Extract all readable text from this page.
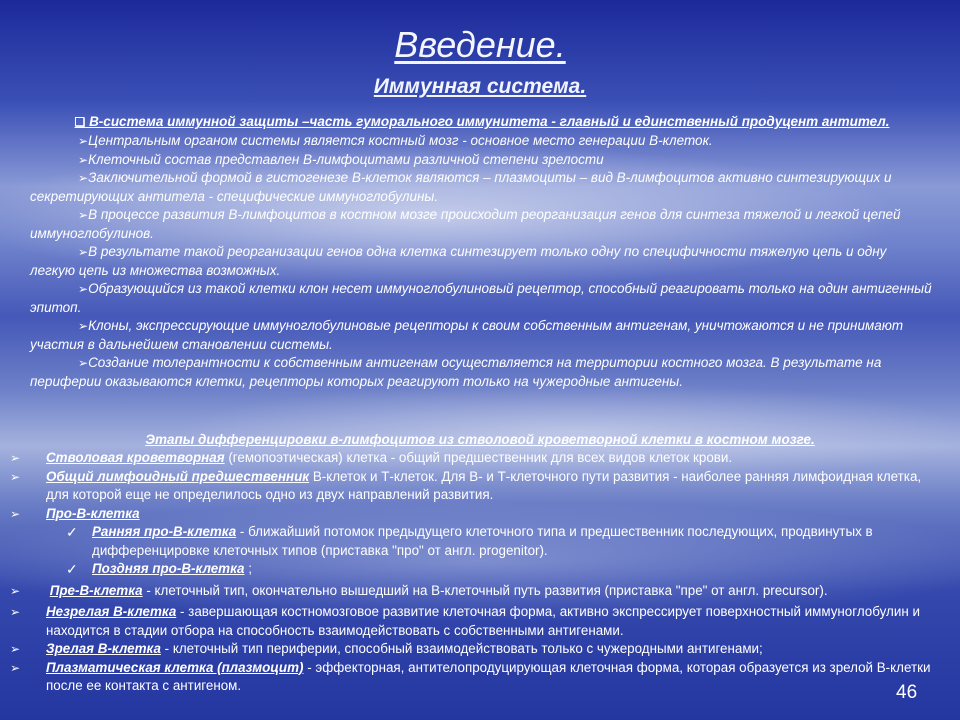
Введение.
Иммунная система.
❑ В-система иммунной защиты –часть гуморального иммунитета - главный и единственный продуцент антител.
➢Центральным органом системы является костный мозг - основное место генерации В-клеток.
➢Клеточный состав представлен В-лимфоцитами различной степени зрелости
➢Заключительной формой в гистогенезе В-клеток являются – плазмоциты – вид В-лимфоцитов активно синтезирующих и секретирующих антитела - специфические иммуноглобулины.
➢В процессе развития В-лимфоцитов в костном мозге происходит реорганизация генов для синтеза тяжелой и легкой цепей иммуноглобулинов.
➢В результате такой реорганизации генов одна клетка синтезирует только одну по специфичности тяжелую цепь и одну легкую цепь из множества возможных.
➢Образующийся из такой клетки клон несет иммуноглобулиновый рецептор, способный реагировать только на один антигенный эпитоп.
➢Клоны, экспрессирующие иммуноглобулиновые рецепторы к своим собственным антигенам, уничтожаются и не принимают участия в дальнейшем становлении системы.
➢Создание толерантности к собственным антигенам осуществляется на территории костного мозга. В результате на периферии оказываются клетки, рецепторы которых реагируют только на чужеродные антигены.
Этапы дифференцировки в-лимфоцитов из стволовой кроветворной клетки в костном мозге.
➢ Стволовая кроветворная (гемопоэтическая) клетка - общий предшественник для всех видов клеток крови.
➢ Общий лимфоидный предшественник В-клеток и Т-клеток. Для В- и Т-клеточного пути развития - наиболее ранняя лимфоидная клетка, для которой еще не определилось одно из двух направлений развития.
➢ Про-В-клетка
✓ Ранняя про-В-клетка - ближайший потомок предыдущего клеточного типа и предшественник последующих, продвинутых в дифференцировке клеточных типов (приставка "про" от англ. progenitor).
✓ Поздняя про-В-клетка ;
➢ Пре-В-клетка - клеточный тип, окончательно вышедший на В-клеточный путь развития (приставка "пре" от англ. precursor).
➢ Незрелая В-клетка - завершающая костномозговое развитие клеточная форма, активно экспрессирует поверхностный иммуноглобулин и находится в стадии отбора на способность взаимодействовать с собственными антигенами.
➢ Зрелая В-клетка - клеточный тип периферии, способный взаимодействовать только с чужеродными антигенами;
➢ Плазматическая клетка (плазмоцит) - эффекторная, антителопродуцирующая клеточная форма, которая образуется из зрелой В-клетки после ее контакта с антигеном.	46
